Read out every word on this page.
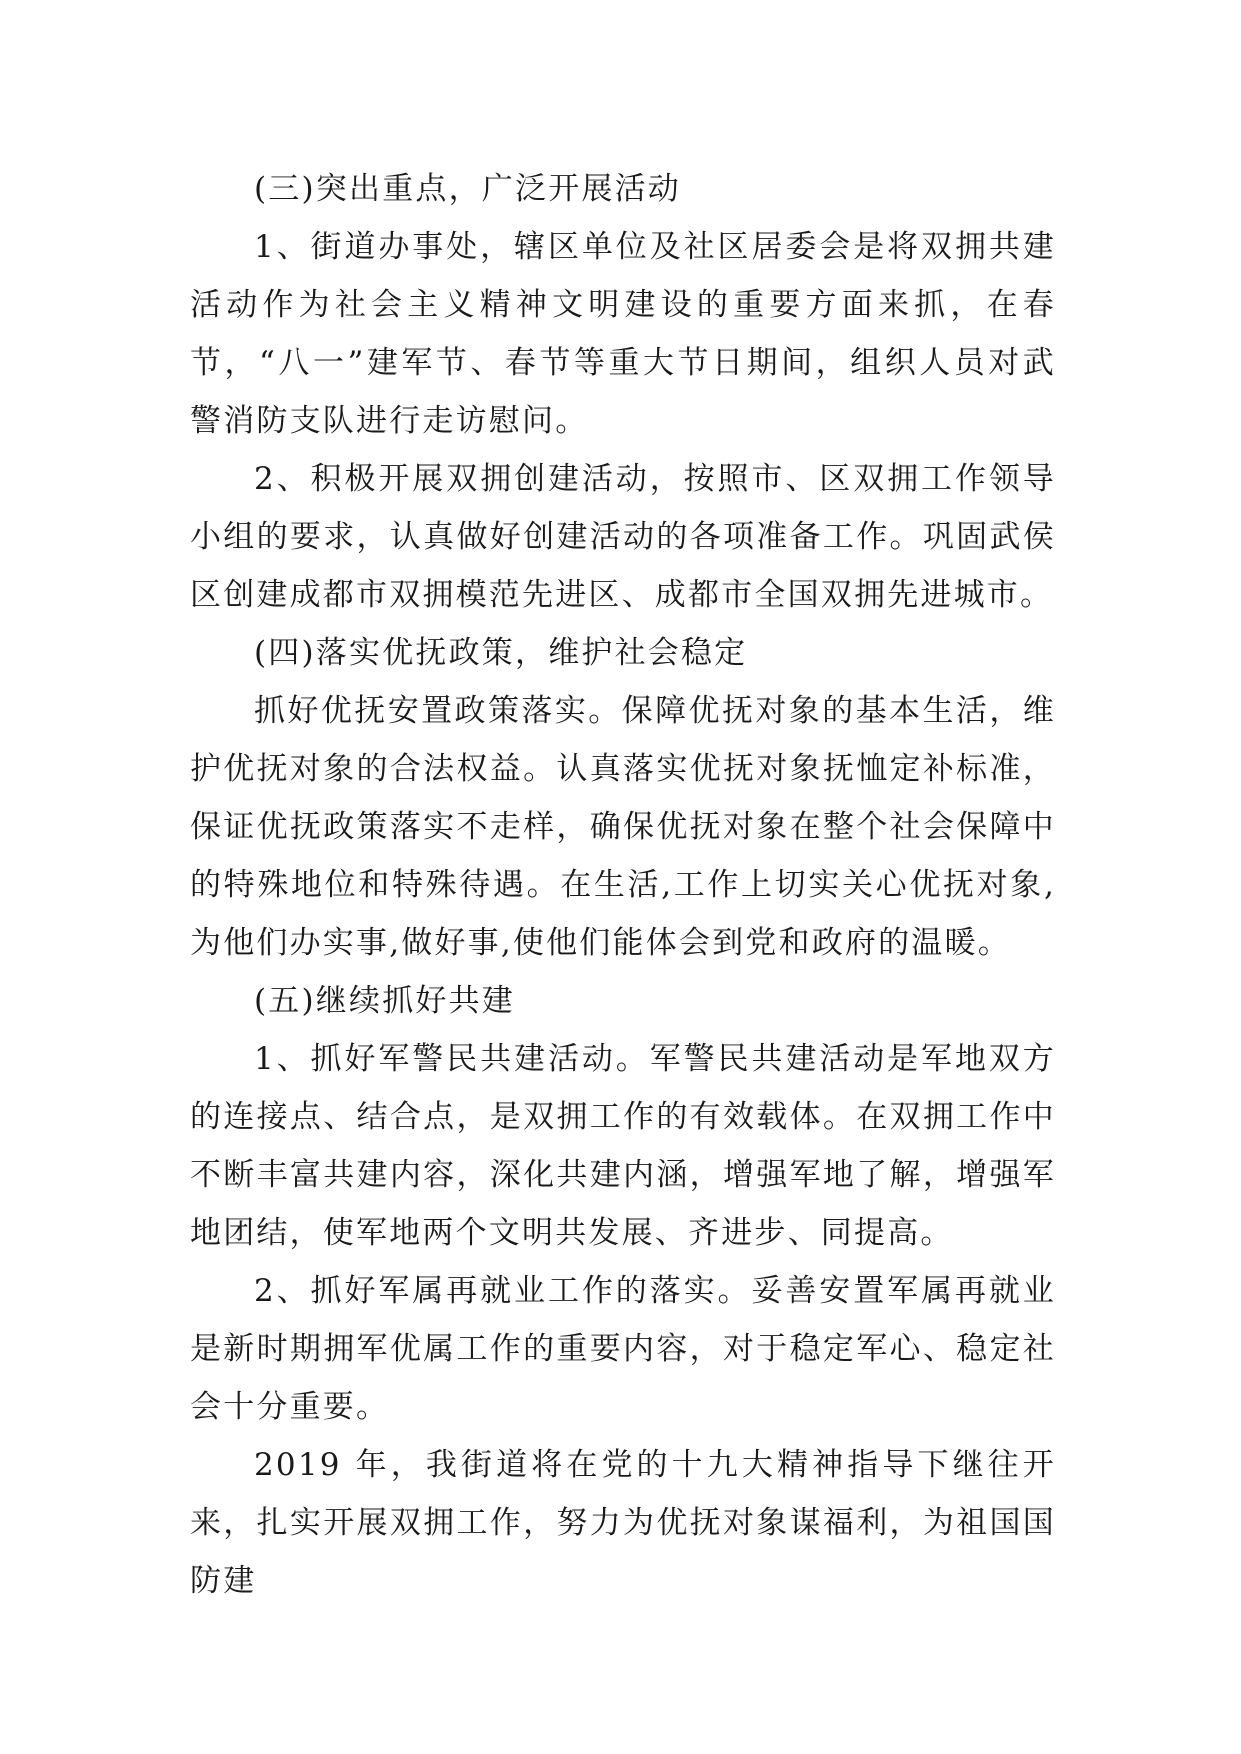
(三)突出重点，广泛开展活动

1、街道办事处，辖区单位及社区居委会是将双拥共建活动作为社会主义精神文明建设的重要方面来抓，在春节，“八一”建军节、春节等重大节日期间，组织人员对武警消防支队进行走访慰问。

2、积极开展双拥创建活动，按照市、区双拥工作领导小组的要求，认真做好创建活动的各项准备工作。巩固武侯区创建成都市双拥模范先进区、成都市全国双拥先进城市。

(四)落实优抚政策，维护社会稳定

抓好优抚安置政策落实。保障优抚对象的基本生活，维护优抚对象的合法权益。认真落实优抚对象抚恤定补标准，保证优抚政策落实不走样，确保优抚对象在整个社会保障中的特殊地位和特殊待遇。在生活,工作上切实关心优抚对象,为他们办实事,做好事,使他们能体会到党和政府的温暖。

(五)继续抓好共建

1、抓好军警民共建活动。军警民共建活动是军地双方的连接点、结合点，是双拥工作的有效载体。在双拥工作中不断丰富共建内容，深化共建内涵，增强军地了解，增强军地团结，使军地两个文明共发展、齐进步、同提高。

2、抓好军属再就业工作的落实。妥善安置军属再就业是新时期拥军优属工作的重要内容，对于稳定军心、稳定社会十分重要。

2019 年，我街道将在党的十九大精神指导下继往开来，扎实开展双拥工作，努力为优抚对象谋福利，为祖国国防建
